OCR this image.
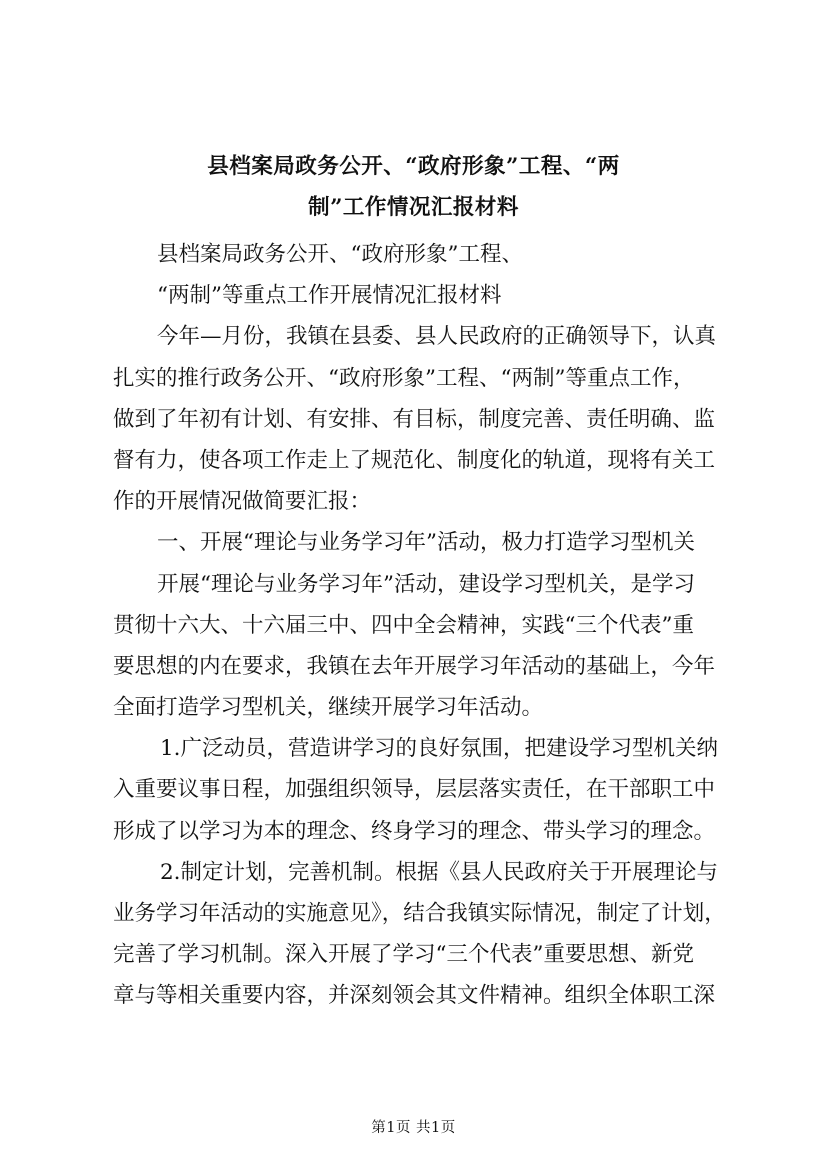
县档案局政务公开、“政府形象”工程、“两
制”工作情况汇报材料
县档案局政务公开、“政府形象”工程、
“两制”等重点工作开展情况汇报材料
今年—月份，我镇在县委、县人民政府的正确领导下，认真
扎实的推行政务公开、“政府形象”工程、“两制”等重点工作，
做到了年初有计划、有安排、有目标，制度完善、责任明确、监
督有力，使各项工作走上了规范化、制度化的轨道，现将有关工
作的开展情况做简要汇报：
一、开展“理论与业务学习年”活动，极力打造学习型机关
开展“理论与业务学习年”活动，建设学习型机关，是学习
贯彻十六大、十六届三中、四中全会精神，实践“三个代表”重
要思想的内在要求，我镇在去年开展学习年活动的基础上，今年
全面打造学习型机关，继续开展学习年活动。
1.广泛动员，营造讲学习的良好氛围，把建设学习型机关纳
入重要议事日程，加强组织领导，层层落实责任，在干部职工中
形成了以学习为本的理念、终身学习的理念、带头学习的理念。
2.制定计划，完善机制。根据《县人民政府关于开展理论与
业务学习年活动的实施意见》，结合我镇实际情况，制定了计划，
完善了学习机制。深入开展了学习“三个代表”重要思想、新党
章与等相关重要内容，并深刻领会其文件精神。组织全体职工深
第1页 共1页
